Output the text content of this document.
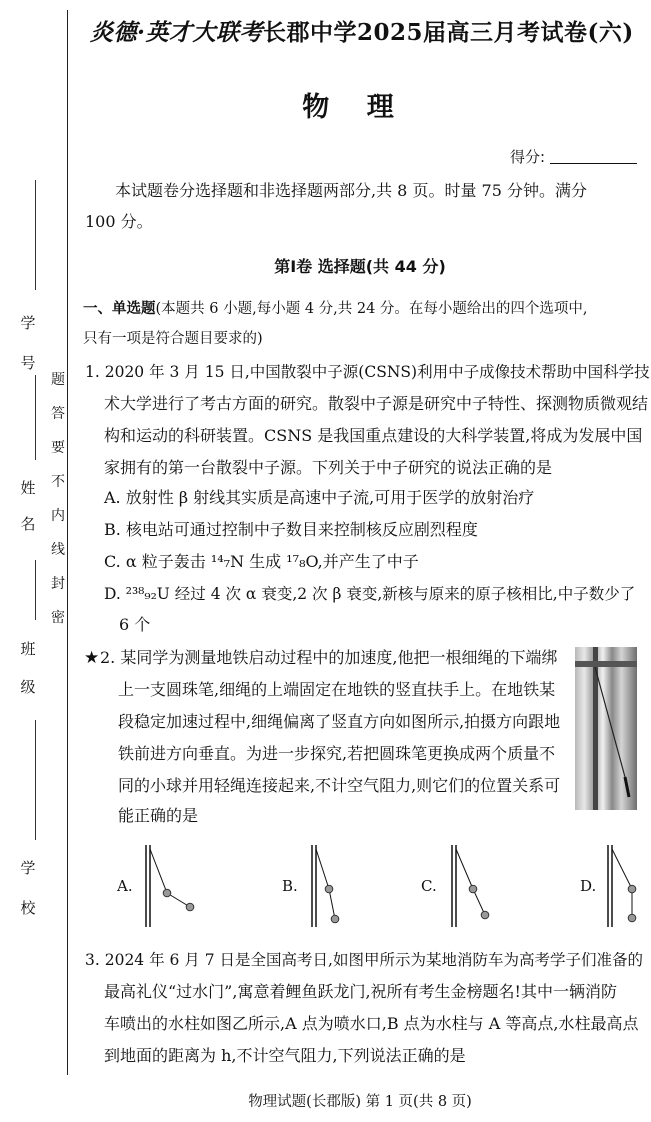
炎德·英才大联考长郡中学2025届高三月考试卷(六)
物 理
得分:
本试题卷分选择题和非选择题两部分,共 8 页。时量 75 分钟。满分
100 分。
第Ⅰ卷 选择题(共 44 分)
一、单选题(本题共 6 小题,每小题 4 分,共 24 分。在每小题给出的四个选项中,
只有一项是符合题目要求的)
1. 2020 年 3 月 15 日,中国散裂中子源(CSNS)利用中子成像技术帮助中国科学技
术大学进行了考古方面的研究。散裂中子源是研究中子特性、探测物质微观结
构和运动的科研装置。CSNS 是我国重点建设的大科学装置,将成为发展中国
家拥有的第一台散裂中子源。下列关于中子研究的说法正确的是
A. 放射性 β 射线其实质是高速中子流,可用于医学的放射治疗
B. 核电站可通过控制中子数目来控制核反应剧烈程度
C. α 粒子轰击 ¹⁴₇N 生成 ¹⁷₈O,并产生了中子
D. ²³⁸₉₂U 经过 4 次 α 衰变,2 次 β 衰变,新核与原来的原子核相比,中子数少了
6 个
★ 2. 某同学为测量地铁启动过程中的加速度,他把一根细绳的下端绑
上一支圆珠笔,细绳的上端固定在地铁的竖直扶手上。在地铁某
段稳定加速过程中,细绳偏离了竖直方向如图所示,拍摄方向跟地
铁前进方向垂直。为进一步探究,若把圆珠笔更换成两个质量不
同的小球并用轻绳连接起来,不计空气阻力,则它们的位置关系可
能正确的是
A.	B.	C.	D.
3. 2024 年 6 月 7 日是全国高考日,如图甲所示为某地消防车为高考学子们准备的
最高礼仪“过水门”,寓意着鲤鱼跃龙门,祝所有考生金榜题名!其中一辆消防
车喷出的水柱如图乙所示,A 点为喷水口,B 点为水柱与 A 等高点,水柱最高点
到地面的距离为 h,不计空气阻力,下列说法正确的是
物理试题(长郡版) 第 1 页(共 8 页)
学号
姓
名
班
级
学
校
题
答
要
不
内
线
封
密
